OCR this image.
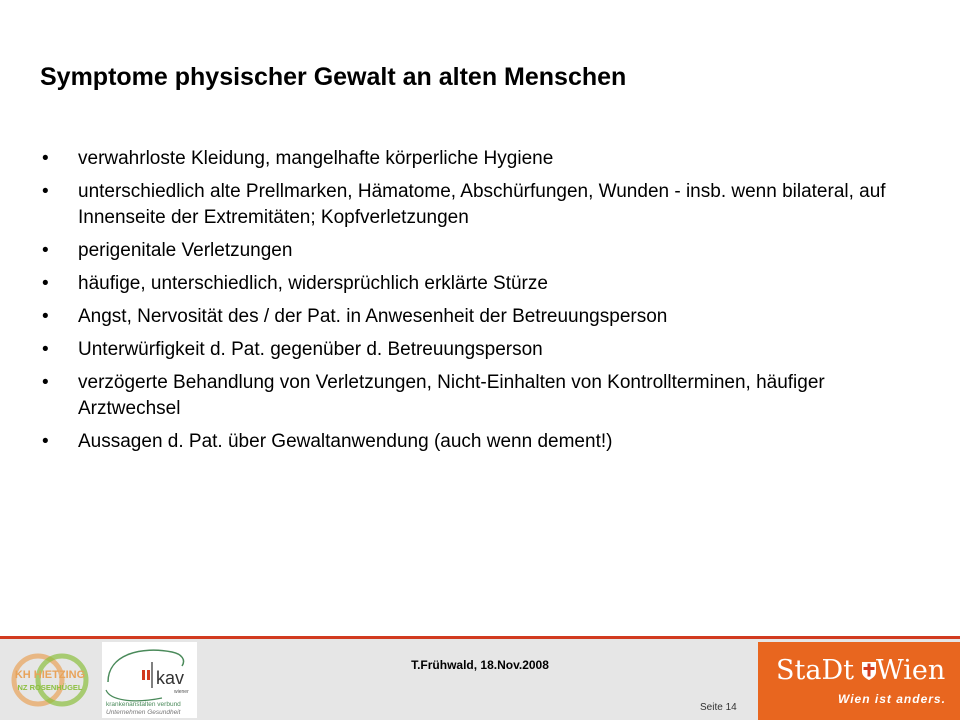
Symptome physischer Gewalt an alten Menschen
• verwahrloste Kleidung, mangelhafte körperliche Hygiene
• unterschiedlich alte Prellmarken, Hämatome, Abschürfungen, Wunden - insb. wenn bilateral, auf Innenseite der Extremitäten; Kopfverletzungen
• perigenitale Verletzungen
• häufige, unterschiedlich, widersprüchlich erklärte Stürze
• Angst, Nervosität des / der Pat. in Anwesenheit der Betreuungsperson
• Unterwürfigkeit d. Pat. gegenüber d. Betreuungsperson
• verzögerte Behandlung von Verletzungen, Nicht-Einhalten von Kontrollterminen, häufiger Arztwechsel
• Aussagen d. Pat. über Gewaltanwendung (auch wenn dement!)
KH HIETZING
NZ ROSENHÜGEL	kav
wiener
krankenanstalten verbund
Unternehmen Gesundheit
T.Frühwald, 18.Nov.2008
Seite 14
StaDt Wien
Wien ist anders.
